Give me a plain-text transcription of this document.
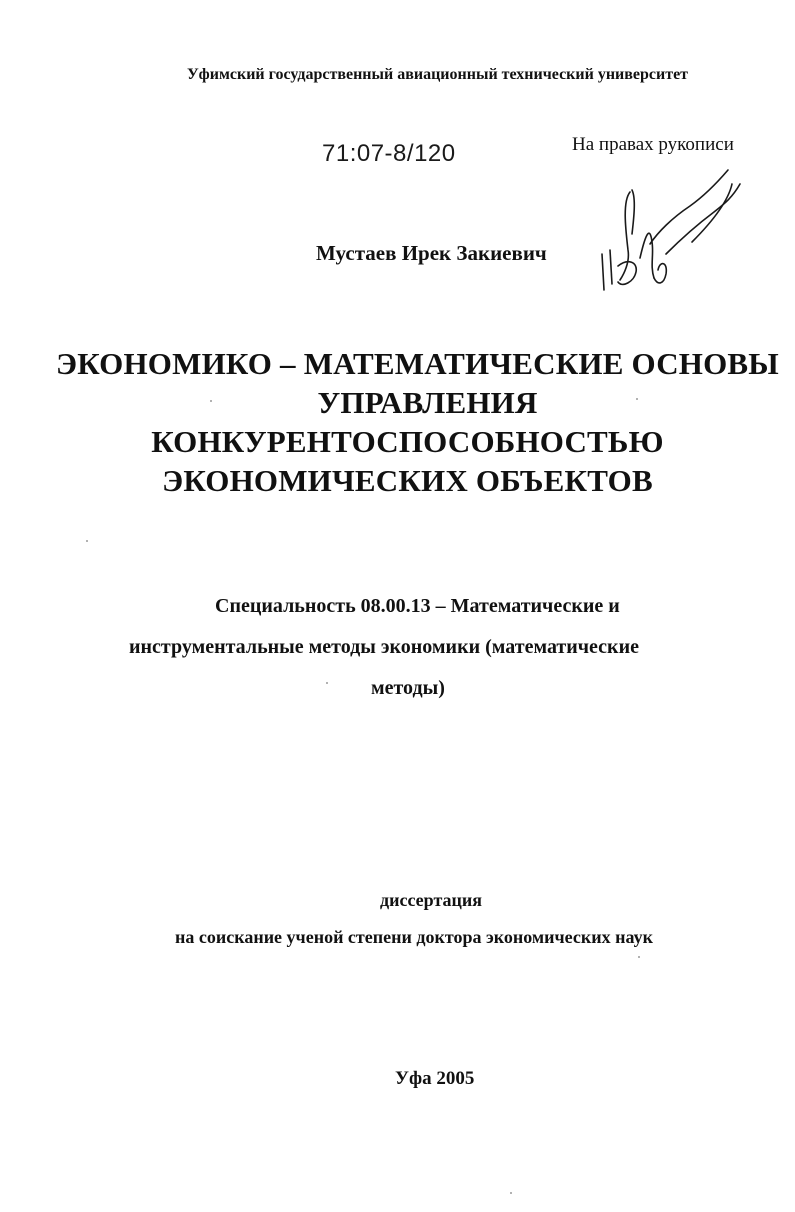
Уфимский государственный авиационный технический университет

71:07-8/120	На правах рукописи

Мустаев Ирек Закиевич

ЭКОНОМИКО – МАТЕМАТИЧЕСКИЕ ОСНОВЫ
УПРАВЛЕНИЯ
КОНКУРЕНТОСПОСОБНОСТЬЮ
ЭКОНОМИЧЕСКИХ ОБЪЕКТОВ
Специальность 08.00.13 – Математические и
инструментальные методы экономики (математические
методы)

диссертация

на соискание ученой степени доктора экономических наук

Уфа 2005
